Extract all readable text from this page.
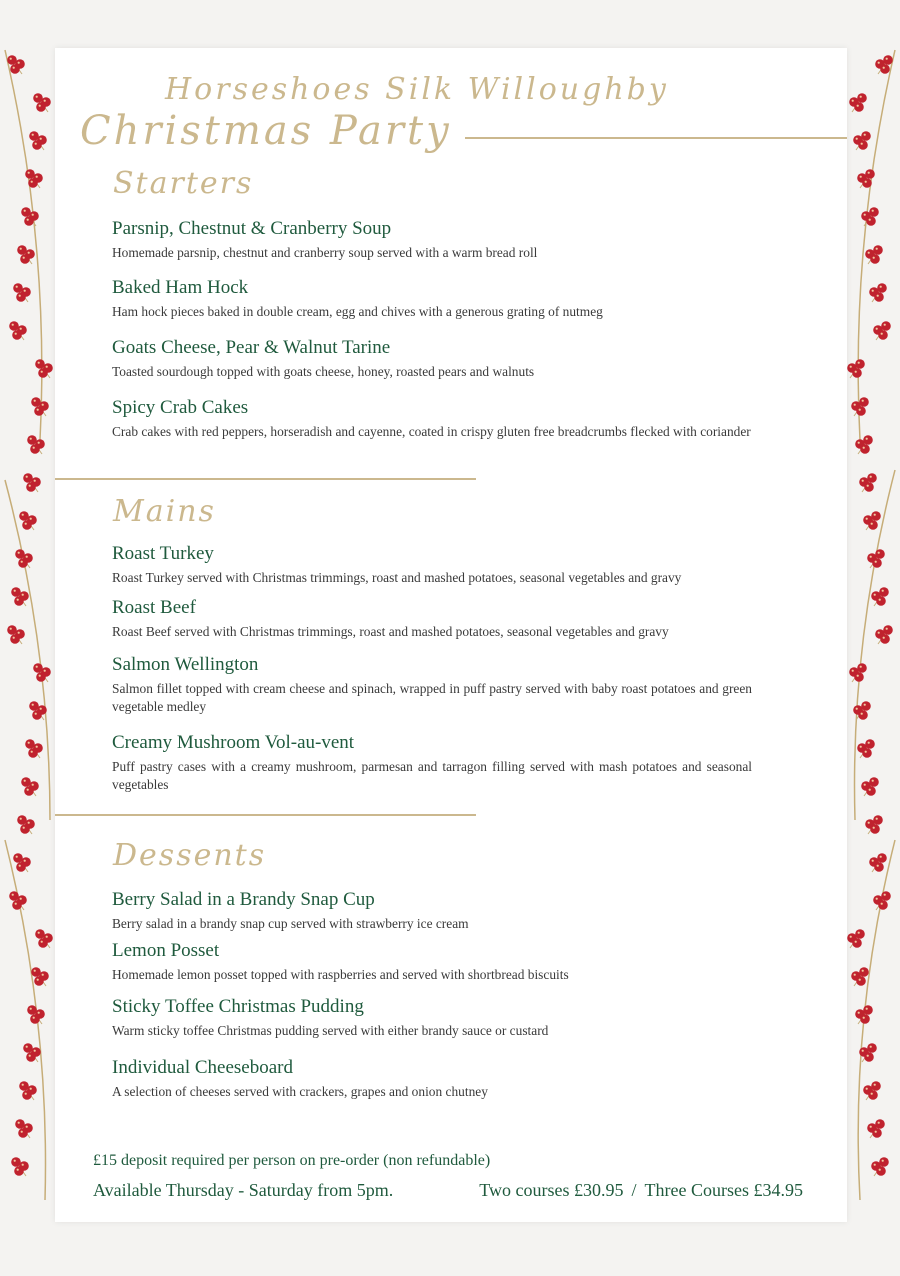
Horseshoes Silk Willoughby
Christmas Party
Starters

Parsnip, Chestnut & Cranberry Soup

Homemade parsnip, chestnut and cranberry soup served with a warm bread roll

Baked Ham Hock

Ham hock pieces baked in double cream, egg and chives with a generous grating of nutmeg

Goats Cheese, Pear & Walnut Tarine

Toasted sourdough topped with goats cheese, honey, roasted pears and walnuts

Spicy Crab Cakes

Crab cakes with red peppers, horseradish and cayenne, coated in crispy gluten free breadcrumbs flecked with coriander

Mains

Roast Turkey

Roast Turkey served with Christmas trimmings, roast and mashed potatoes, seasonal vegetables and gravy

Roast Beef

Roast Beef served with Christmas trimmings, roast and mashed potatoes, seasonal vegetables and gravy

Salmon Wellington

Salmon fillet topped with cream cheese and spinach, wrapped in puff pastry served with baby roast potatoes and green vegetable medley

Creamy Mushroom Vol-au-vent

Puff pastry cases with a creamy mushroom, parmesan and tarragon filling served with mash potatoes and seasonal vegetables

Dessents

Berry Salad in a Brandy Snap Cup

Berry salad in a brandy snap cup served with strawberry ice cream

Lemon Posset

Homemade lemon posset topped with raspberries and served with shortbread biscuits

Sticky Toffee Christmas Pudding

Warm sticky toffee Christmas pudding served with either brandy sauce or custard

Individual Cheeseboard

A selection of cheeses served with crackers, grapes and onion chutney

£15 deposit required per person on pre-order (non refundable)

Available Thursday - Saturday from 5pm.	Two courses £30.95 / Three Courses £34.95
